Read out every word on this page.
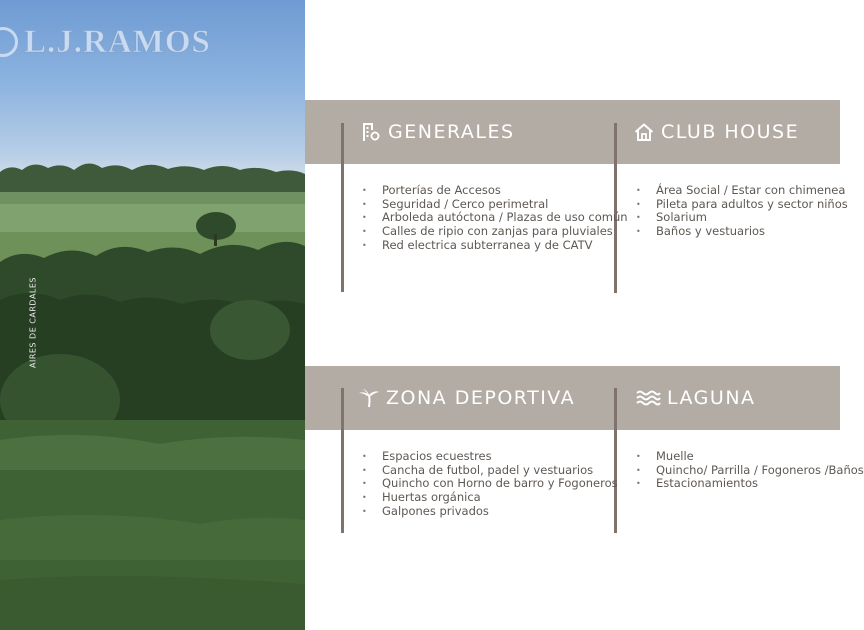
L.J.RAMOS
AIRES DE CARDALES
GENERALES
• Porterías de Accesos
• Seguridad / Cerco perimetral
• Arboleda autóctona / Plazas de uso común
• Calles de ripio con zanjas para pluviales
• Red electrica subterranea y de CATV
CLUB HOUSE
• Área Social / Estar con chimenea
• Pileta para adultos y sector niños
• Solarium
• Baños y vestuarios
ZONA DEPORTIVA
• Espacios ecuestres
• Cancha de futbol, padel y vestuarios
• Quincho con Horno de barro y Fogoneros
• Huertas orgánica
• Galpones privados
LAGUNA
• Muelle
• Quincho/ Parrilla / Fogoneros /Baños
• Estacionamientos
